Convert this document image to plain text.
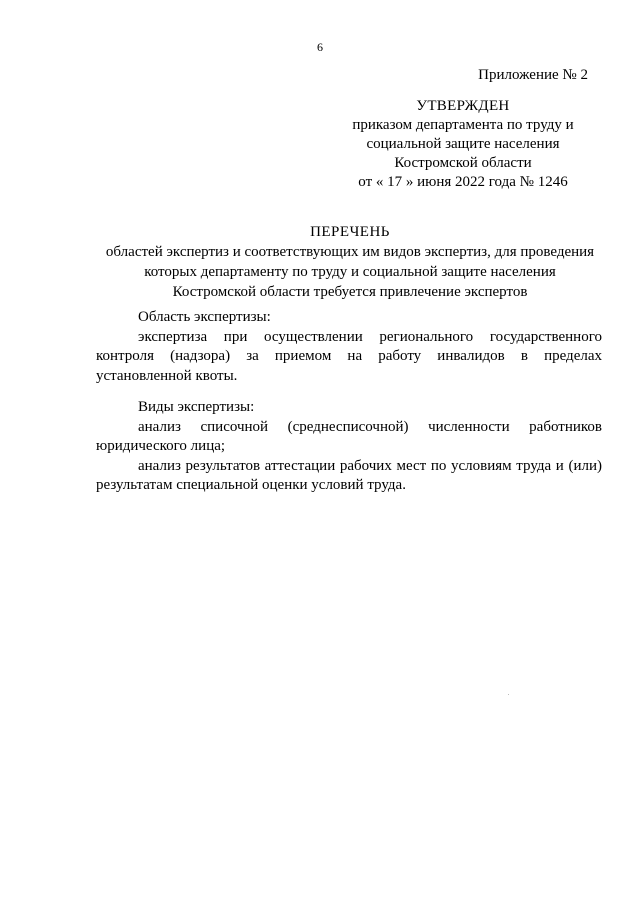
6
Приложение № 2
УТВЕРЖДЕН
приказом департамента по труду и
социальной защите населения
Костромской области
от « 17 » июня 2022 года № 1246
ПЕРЕЧЕНЬ
областей экспертиз и соответствующих им видов экспертиз, для проведения
которых департаменту по труду и социальной защите населения
Костромской области требуется привлечение экспертов
Область экспертизы:
экспертиза при осуществлении регионального государственного контроля (надзора) за приемом на работу инвалидов в пределах установленной квоты.
Виды экспертизы:
анализ списочной (среднесписочной) численности работников юридического лица;
анализ результатов аттестации рабочих мест по условиям труда и (или) результатам специальной оценки условий труда.
